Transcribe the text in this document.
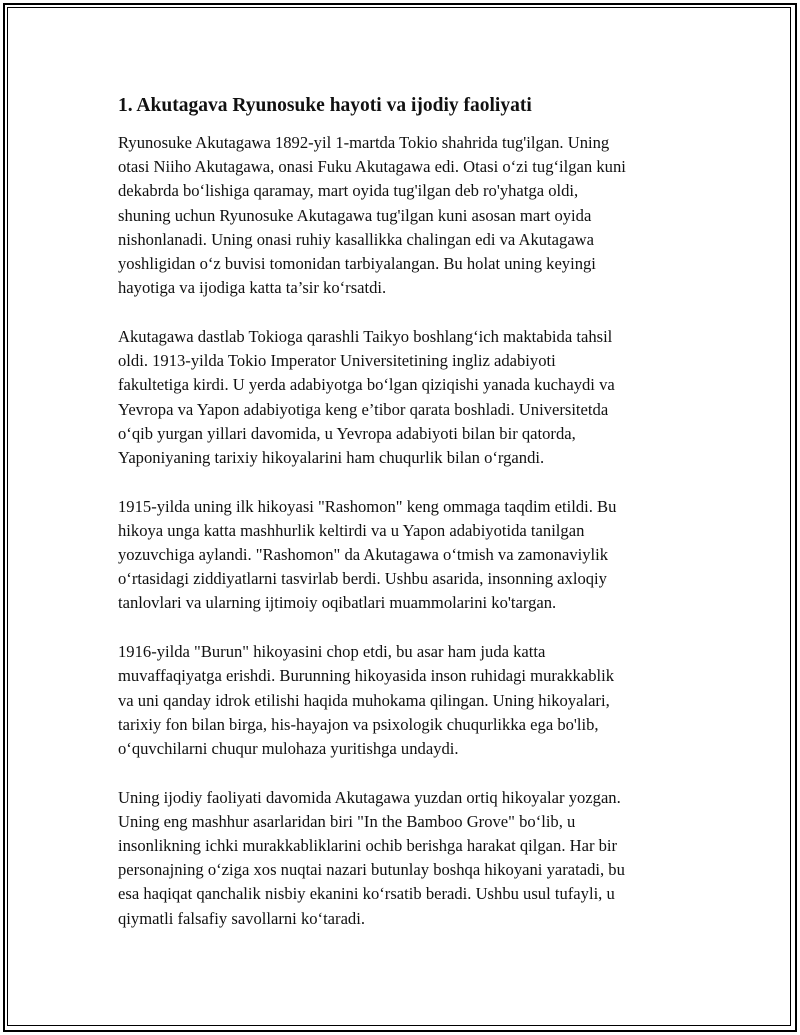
1. Akutagava Ryunosuke hayoti va ijodiy faoliyati

Ryunosuke Akutagawa 1892-yil 1-martda Tokio shahrida tug'ilgan. Uning
otasi Niiho Akutagawa, onasi Fuku Akutagawa edi. Otasi o‘zi tug‘ilgan kuni
dekabrda bo‘lishiga qaramay, mart oyida tug'ilgan deb ro'yhatga oldi,
shuning uchun Ryunosuke Akutagawa tug'ilgan kuni asosan mart oyida
nishonlanadi. Uning onasi ruhiy kasallikka chalingan edi va Akutagawa
yoshligidan o‘z buvisi tomonidan tarbiyalangan. Bu holat uning keyingi
hayotiga va ijodiga katta ta’sir ko‘rsatdi.

Akutagawa dastlab Tokioga qarashli Taikyo boshlang‘ich maktabida tahsil
oldi. 1913-yilda Tokio Imperator Universitetining ingliz adabiyoti
fakultetiga kirdi. U yerda adabiyotga bo‘lgan qiziqishi yanada kuchaydi va
Yevropa va Yapon adabiyotiga keng e’tibor qarata boshladi. Universitetda
o‘qib yurgan yillari davomida, u Yevropa adabiyoti bilan bir qatorda,
Yaponiyaning tarixiy hikoyalarini ham chuqurlik bilan o‘rgandi.

1915-yilda uning ilk hikoyasi "Rashomon" keng ommaga taqdim etildi. Bu
hikoya unga katta mashhurlik keltirdi va u Yapon adabiyotida tanilgan
yozuvchiga aylandi. "Rashomon" da Akutagawa o‘tmish va zamonaviylik
o‘rtasidagi ziddiyatlarni tasvirlab berdi. Ushbu asarida, insonning axloqiy
tanlovlari va ularning ijtimoiy oqibatlari muammolarini ko'targan.

1916-yilda "Burun" hikoyasini chop etdi, bu asar ham juda katta
muvaffaqiyatga erishdi. Burunning hikoyasida inson ruhidagi murakkablik
va uni qanday idrok etilishi haqida muhokama qilingan. Uning hikoyalari,
tarixiy fon bilan birga, his-hayajon va psixologik chuqurlikka ega bo'lib,
o‘quvchilarni chuqur mulohaza yuritishga undaydi.

Uning ijodiy faoliyati davomida Akutagawa yuzdan ortiq hikoyalar yozgan.
Uning eng mashhur asarlaridan biri "In the Bamboo Grove" bo‘lib, u
insonlikning ichki murakkabliklarini ochib berishga harakat qilgan. Har bir
personajning o‘ziga xos nuqtai nazari butunlay boshqa hikoyani yaratadi, bu
esa haqiqat qanchalik nisbiy ekanini ko‘rsatib beradi. Ushbu usul tufayli, u
qiymatli falsafiy savollarni ko‘taradi.
